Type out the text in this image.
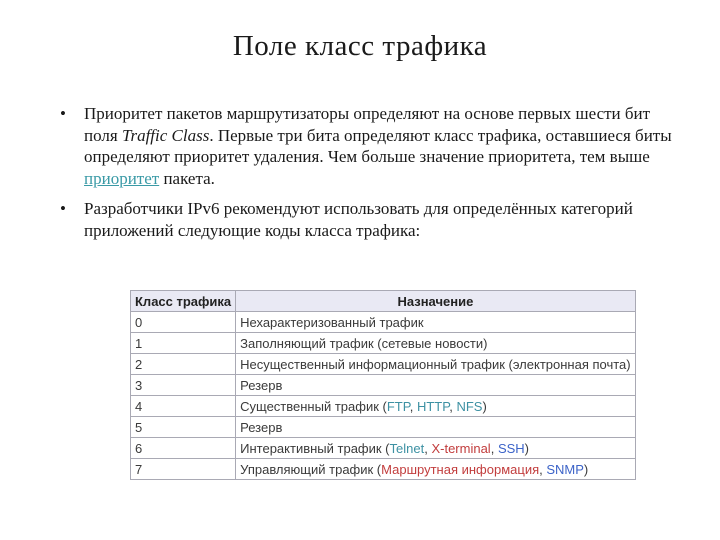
Поле класс трафика
• Приоритет пакетов маршрутизаторы определяют на основе первых шести бит поля Traffic Class. Первые три бита определяют класс трафика, оставшиеся биты определяют приоритет удаления. Чем больше значение приоритета, тем выше приоритет пакета.
• Разработчики IPv6 рекомендуют использовать для определённых категорий приложений следующие коды класса трафика:
Класс трафика	Назначение
0	Нехарактеризованный трафик
1	Заполняющий трафик (сетевые новости)
2	Несущественный информационный трафик (электронная почта)
3	Резерв
4	Существенный трафик (FTP, HTTP, NFS)
5	Резерв
6	Интерактивный трафик (Telnet, X-terminal, SSH)
7	Управляющий трафик (Маршрутная информация, SNMP)
